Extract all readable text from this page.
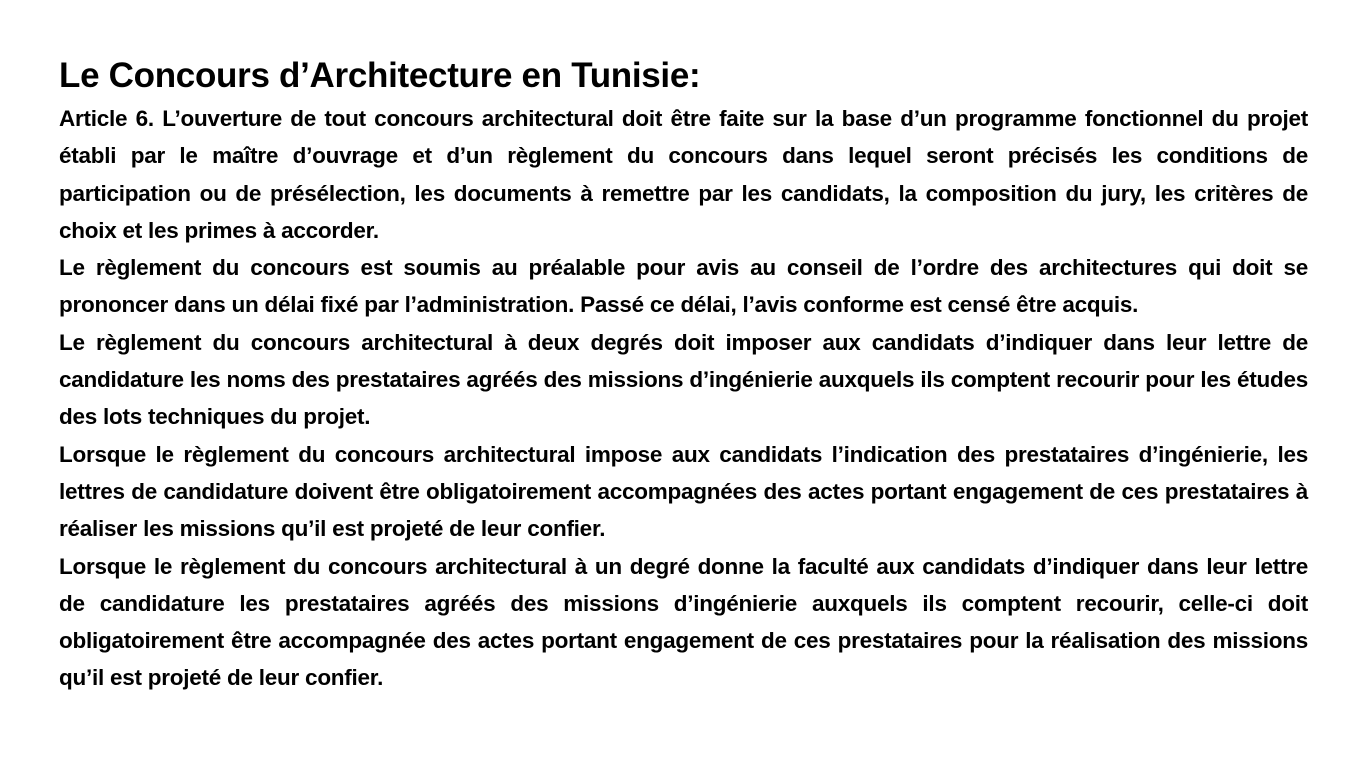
Le Concours d’Architecture en Tunisie:

Article 6. L’ouverture de tout concours architectural doit être faite sur la base d’un programme fonctionnel du projet établi par le maître d’ouvrage et d’un règlement du concours dans lequel seront précisés les conditions de participation ou de présélection, les documents à remettre par les candidats, la composition du jury, les critères de choix et les primes à accorder.

Le règlement du concours est soumis au préalable pour avis au conseil de l’ordre des architectures qui doit se prononcer dans un délai fixé par l’administration. Passé ce délai, l’avis conforme est censé être acquis.

Le règlement du concours architectural à deux degrés doit imposer aux candidats d’indiquer dans leur lettre de candidature les noms des prestataires agréés des missions d’ingénierie auxquels ils comptent recourir pour les études des lots techniques du projet.

Lorsque le règlement du concours architectural impose aux candidats l’indication des prestataires d’ingénierie, les lettres de candidature doivent être obligatoirement accompagnées des actes portant engagement de ces prestataires à réaliser les missions qu’il est projeté de leur confier.

Lorsque le règlement du concours architectural à un degré donne la faculté aux candidats d’indiquer dans leur lettre de candidature les prestataires agréés des missions d’ingénierie auxquels ils comptent recourir, celle-ci doit obligatoirement être accompagnée des actes portant engagement de ces prestataires pour la réalisation des missions qu’il est projeté de leur confier.
